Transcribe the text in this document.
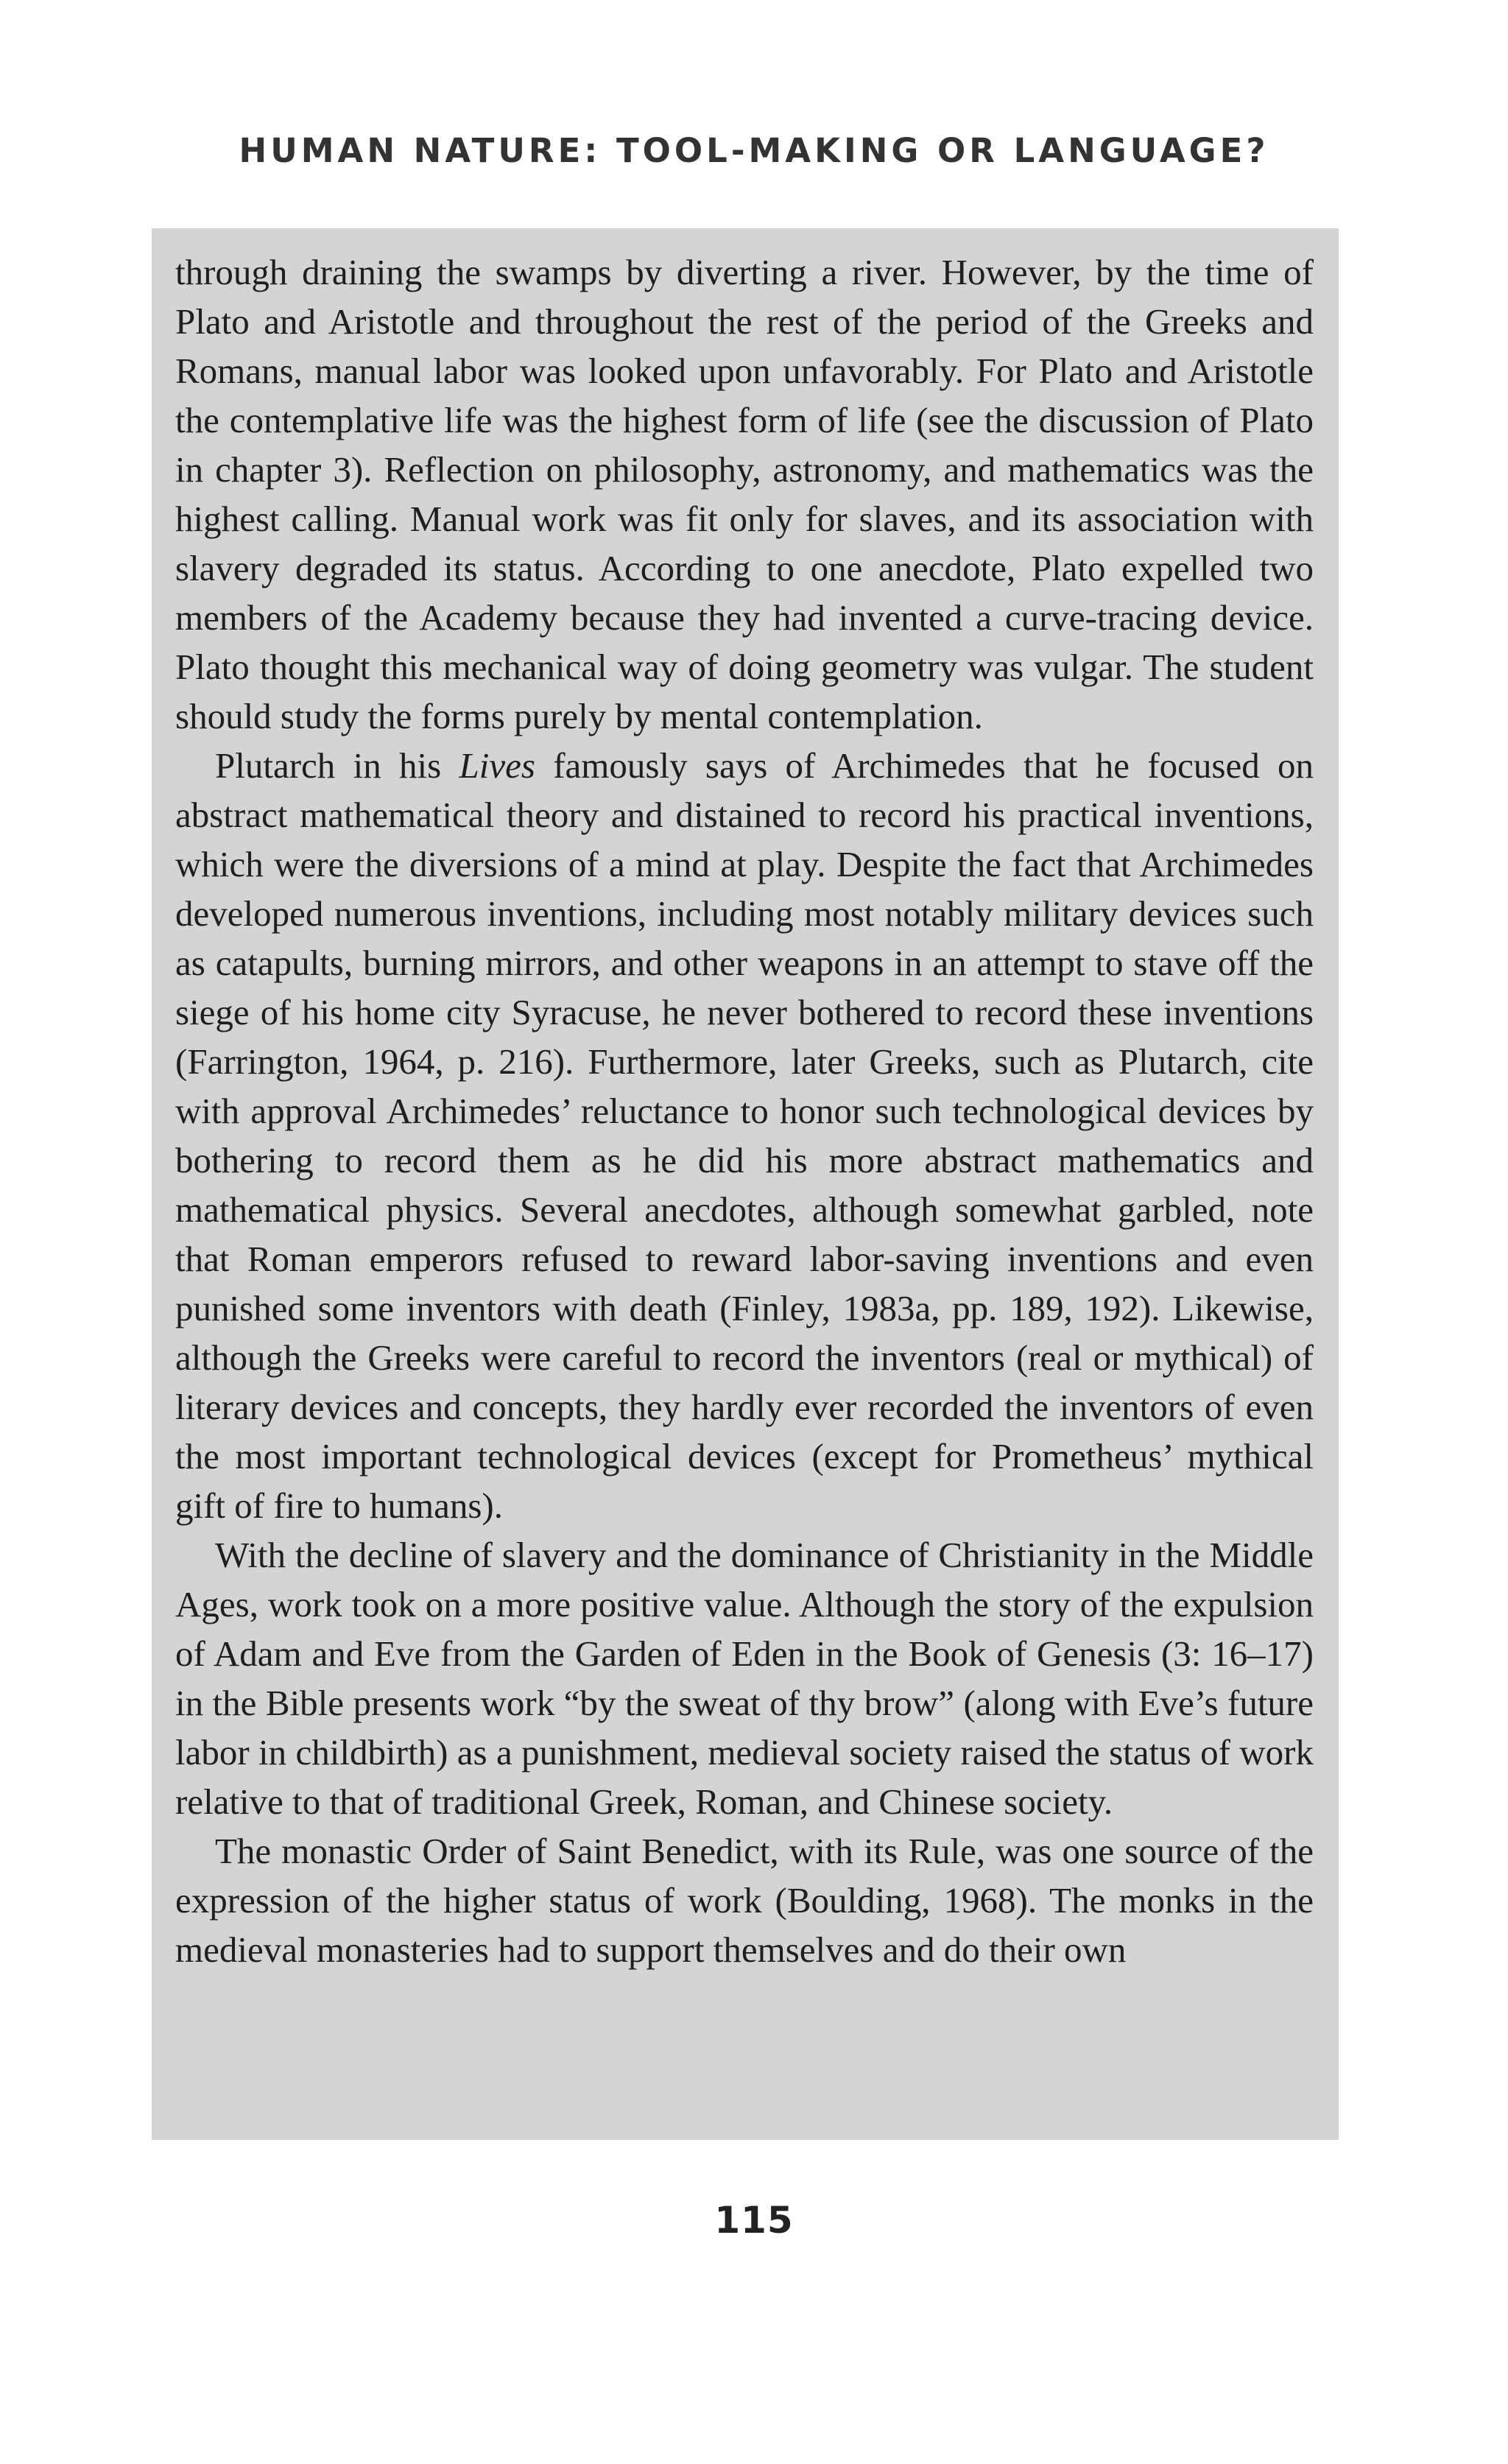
HUMAN NATURE: TOOL-MAKING OR LANGUAGE?

through draining the swamps by diverting a river. However, by the time of Plato and Aristotle and throughout the rest of the period of the Greeks and Romans, manual labor was looked upon unfavorably. For Plato and Aristotle the contemplative life was the highest form of life (see the discussion of Plato in chapter 3). Reflection on philosophy, astronomy, and mathematics was the highest calling. Manual work was fit only for slaves, and its association with slavery degraded its status. According to one anecdote, Plato expelled two members of the Academy because they had invented a curve-tracing device. Plato thought this mechanical way of doing geometry was vulgar. The student should study the forms purely by mental contemplation.

Plutarch in his Lives famously says of Archimedes that he focused on abstract mathematical theory and distained to record his practical inventions, which were the diversions of a mind at play. Despite the fact that Archimedes developed numerous inventions, including most notably military devices such as catapults, burning mirrors, and other weapons in an attempt to stave off the siege of his home city Syracuse, he never bothered to record these inventions (Farrington, 1964, p. 216). Furthermore, later Greeks, such as Plutarch, cite with approval Archimedes’ reluctance to honor such technological devices by bothering to record them as he did his more abstract mathematics and mathematical physics. Several anecdotes, although somewhat garbled, note that Roman emperors refused to reward labor-saving inventions and even punished some inventors with death (Finley, 1983a, pp. 189, 192). Likewise, although the Greeks were careful to record the inventors (real or mythical) of literary devices and concepts, they hardly ever recorded the inventors of even the most important technological devices (except for Prometheus’ mythical gift of fire to humans).

With the decline of slavery and the dominance of Christianity in the Middle Ages, work took on a more positive value. Although the story of the expulsion of Adam and Eve from the Garden of Eden in the Book of Genesis (3: 16–17) in the Bible presents work “by the sweat of thy brow” (along with Eve’s future labor in childbirth) as a punishment, medieval society raised the status of work relative to that of traditional Greek, Roman, and Chinese society.

The monastic Order of Saint Benedict, with its Rule, was one source of the expression of the higher status of work (Boulding, 1968). The monks in the medieval monasteries had to support themselves and do their own

115
